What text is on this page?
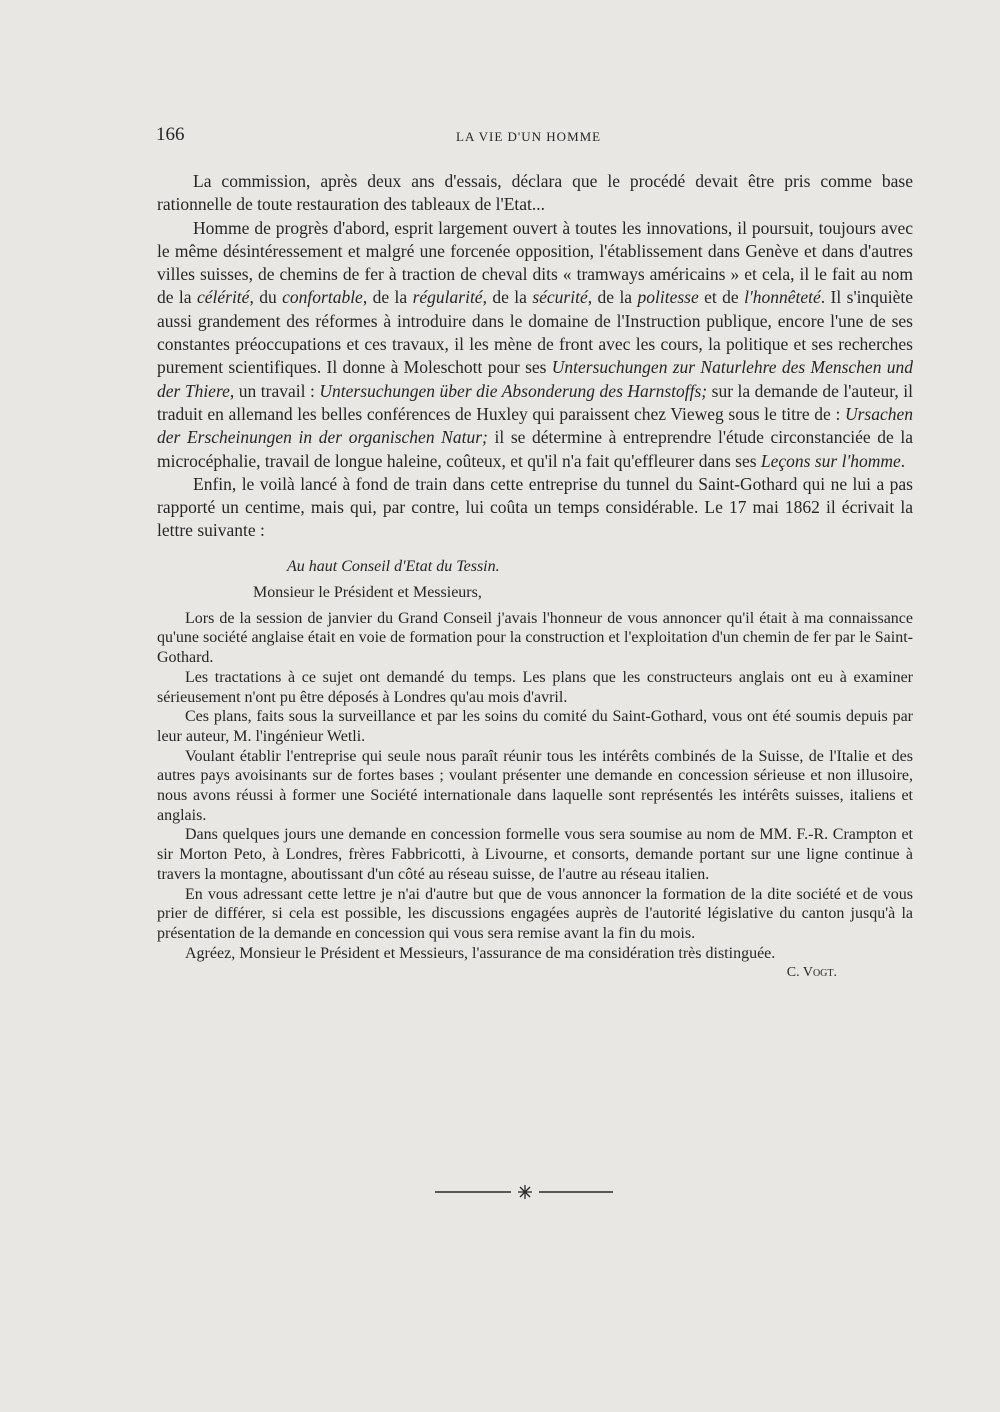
166	LA VIE D'UN HOMME

La commission, après deux ans d'essais, déclara que le procédé devait être pris comme base rationnelle de toute restauration des tableaux de l'Etat...

Homme de progrès d'abord, esprit largement ouvert à toutes les innovations, il poursuit, toujours avec le même désintéressement et malgré une forcenée opposition, l'établissement dans Genève et dans d'autres villes suisses, de chemins de fer à traction de cheval dits « tramways américains » et cela, il le fait au nom de la célérité, du confortable, de la régularité, de la sécurité, de la politesse et de l'honnêteté. Il s'inquiète aussi grandement des réformes à introduire dans le domaine de l'Instruction publique, encore l'une de ses constantes préoccupations et ces travaux, il les mène de front avec les cours, la politique et ses recherches purement scientifiques. Il donne à Moleschott pour ses Untersuchungen zur Naturlehre des Menschen und der Thiere, un travail : Untersuchungen über die Absonderung des Harnstoffs; sur la demande de l'auteur, il traduit en allemand les belles conférences de Huxley qui paraissent chez Vieweg sous le titre de : Ursachen der Erscheinungen in der organischen Natur; il se détermine à entreprendre l'étude circonstanciée de la microcéphalie, travail de longue haleine, coûteux, et qu'il n'a fait qu'effleurer dans ses Leçons sur l'homme.

Enfin, le voilà lancé à fond de train dans cette entreprise du tunnel du Saint-Gothard qui ne lui a pas rapporté un centime, mais qui, par contre, lui coûta un temps considérable. Le 17 mai 1862 il écrivait la lettre suivante :

Au haut Conseil d'Etat du Tessin.

Monsieur le Président et Messieurs,

Lors de la session de janvier du Grand Conseil j'avais l'honneur de vous annoncer qu'il était à ma connaissance qu'une société anglaise était en voie de formation pour la construction et l'exploitation d'un chemin de fer par le Saint-Gothard.

Les tractations à ce sujet ont demandé du temps. Les plans que les constructeurs anglais ont eu à examiner sérieusement n'ont pu être déposés à Londres qu'au mois d'avril.

Ces plans, faits sous la surveillance et par les soins du comité du Saint-Gothard, vous ont été soumis depuis par leur auteur, M. l'ingénieur Wetli.

Voulant établir l'entreprise qui seule nous paraît réunir tous les intérêts combinés de la Suisse, de l'Italie et des autres pays avoisinants sur de fortes bases ; voulant présenter une demande en concession sérieuse et non illusoire, nous avons réussi à former une Société internationale dans laquelle sont représentés les intérêts suisses, italiens et anglais.

Dans quelques jours une demande en concession formelle vous sera soumise au nom de MM. F.-R. Crampton et sir Morton Peto, à Londres, frères Fabbricotti, à Livourne, et consorts, demande portant sur une ligne continue à travers la montagne, aboutissant d'un côté au réseau suisse, de l'autre au réseau italien.

En vous adressant cette lettre je n'ai d'autre but que de vous annoncer la formation de la dite société et de vous prier de différer, si cela est possible, les discussions engagées auprès de l'autorité législative du canton jusqu'à la présentation de la demande en concession qui vous sera remise avant la fin du mois.

Agréez, Monsieur le Président et Messieurs, l'assurance de ma considération très distinguée.

C. Vogt.
